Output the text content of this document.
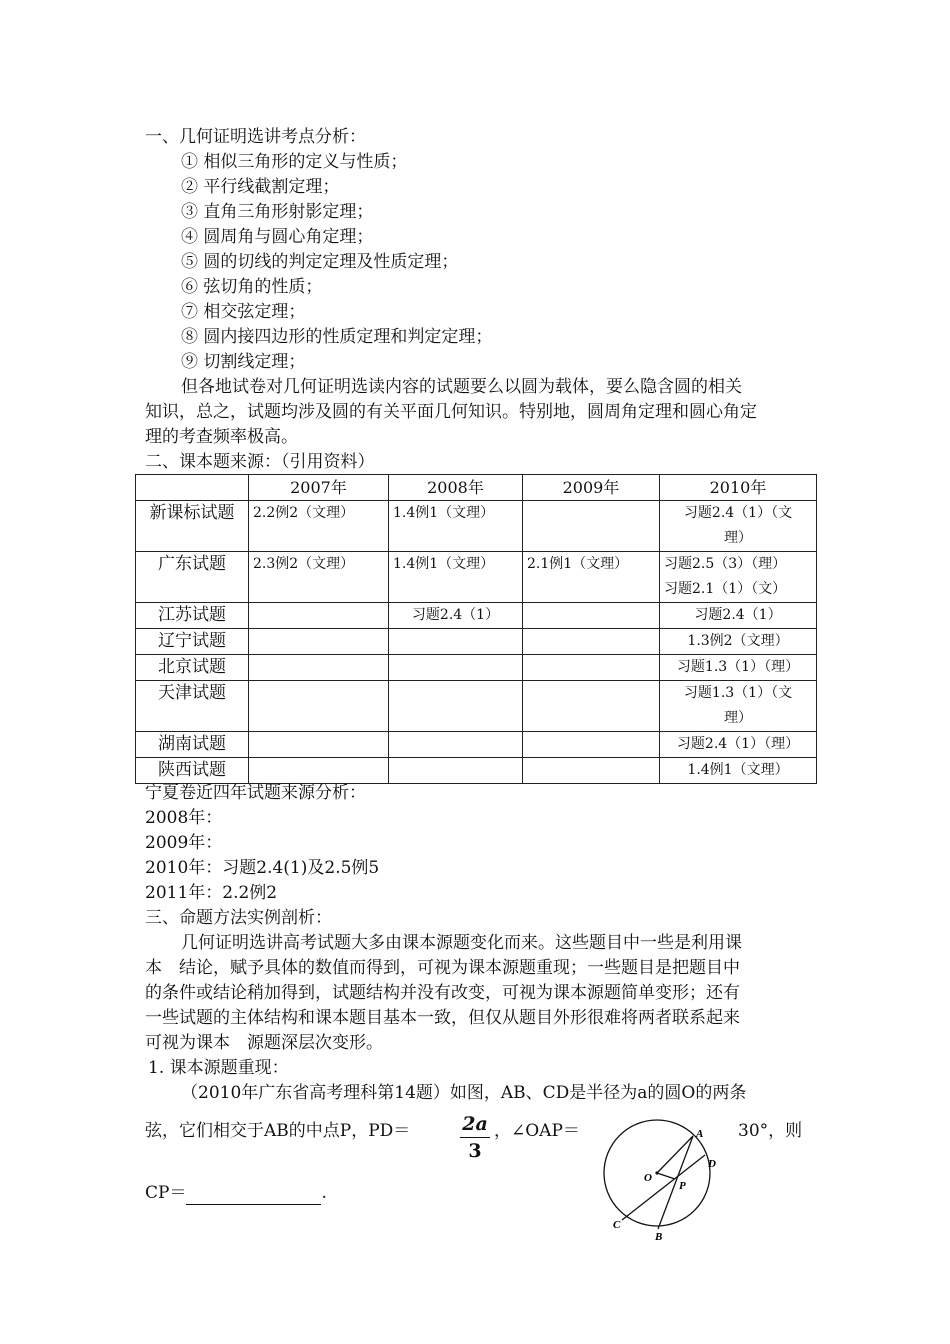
一、几何证明选讲考点分析：
① 相似三角形的定义与性质；
② 平行线截割定理；
③ 直角三角形射影定理；
④ 圆周角与圆心角定理；
⑤ 圆的切线的判定定理及性质定理；
⑥ 弦切角的性质；
⑦ 相交弦定理；
⑧ 圆内接四边形的性质定理和判定定理；
⑨ 切割线定理；
但各地试卷对几何证明选读内容的试题要么以圆为载体，要么隐含圆的相关
知识，总之，试题均涉及圆的有关平面几何知识。特别地，圆周角定理和圆心角定
理的考查频率极高。
二、课本题来源：（引用资料）
	2007年	2008年	2009年	2010年
新课标试题	2.2例2（文理）	1.4例1（文理）		习题2.4（1）（文
理）

广东试题	2.3例2（文理）	1.4例1（文理）	2.1例1（文理）	习题2.5（3）（理）
习题2.1（1）（文）

江苏试题		习题2.4（1）		习题2.4（1）
辽宁试题				1.3例2（文理）
北京试题				习题1.3（1）（理）
天津试题				习题1.3（1）（文
理）

湖南试题				习题2.4（1）（理）
陕西试题				1.4例1（文理）
宁夏卷近四年试题来源分析：
2008年：
2009年：
2010年：习题2.4(1)及2.5例5
2011年：2.2例2
三、命题方法实例剖析：
几何证明选讲高考试题大多由课本源题变化而来。这些题目中一些是利用课
本　结论，赋予具体的数值而得到，可视为课本源题重现；一些题目是把题目中
的条件或结论稍加得到，试题结构并没有改变，可视为课本源题简单变形；还有
一些试题的主体结构和课本题目基本一致，但仅从题目外形很难将两者联系起来
可视为课本　源题深层次变形。
1. 课本源题重现：
（2010年广东省高考理科第14题）如图，AB、CD是半径为a的圆O的两条
弦，它们相交于AB的中点P，PD＝	2a
3
，∠OAP＝	30°，则
CP＝	.
A
D
O
P
C
B
